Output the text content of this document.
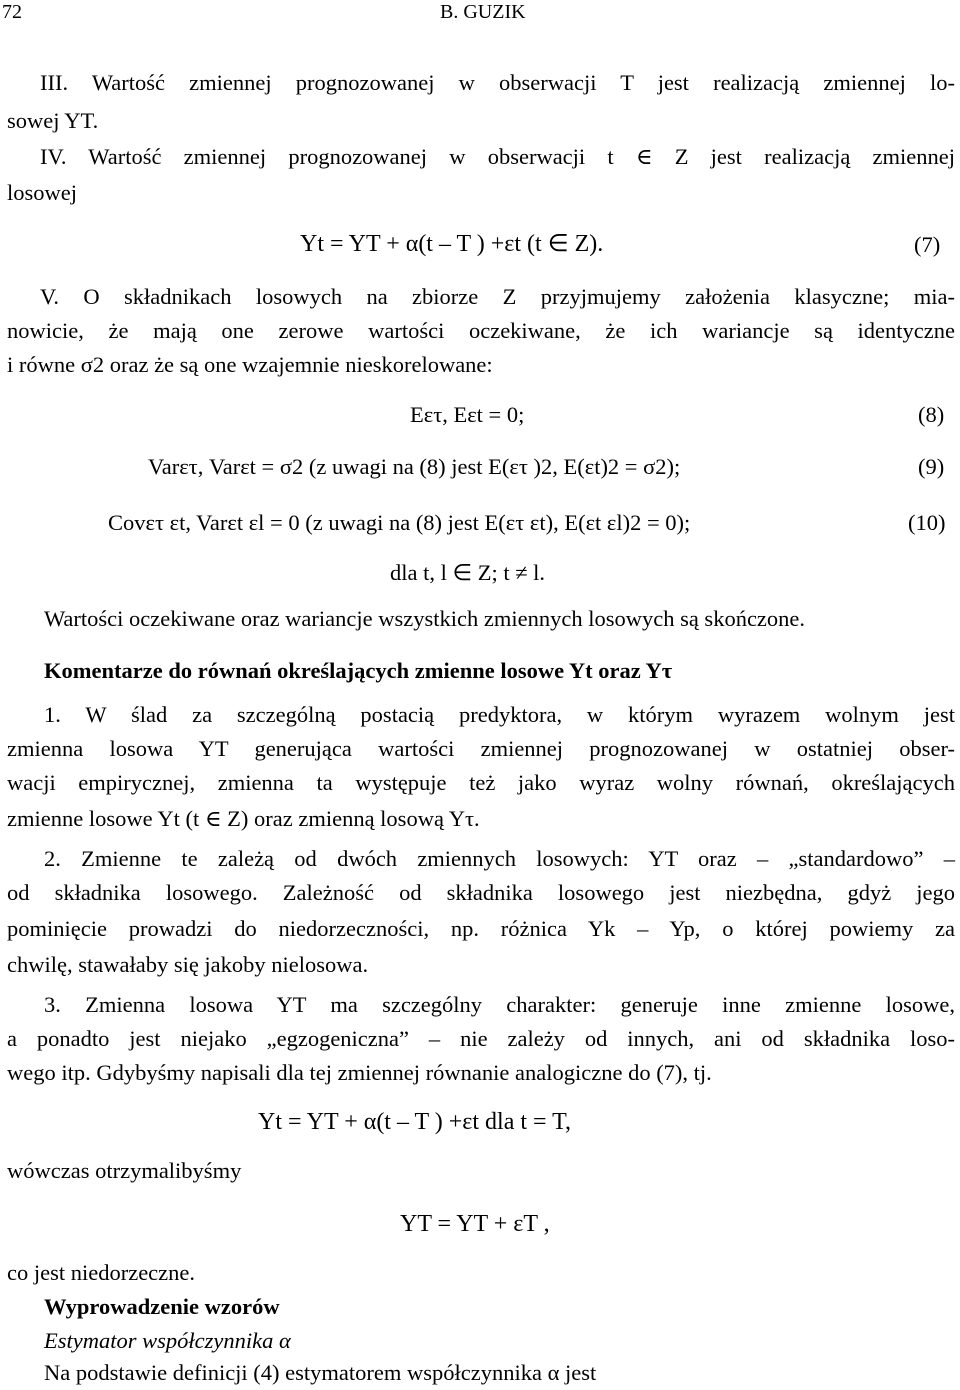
72	B. GUZIK
III. Wartość zmiennej prognozowanej w obserwacji T jest realizacją zmiennej lo-
sowej YT.
IV. Wartość zmiennej prognozowanej w obserwacji t ∈ Z jest realizacją zmiennej
losowej
Yt = YT + α(t – T ) +εt (t ∈ Z).	(7)
V. O składnikach losowych na zbiorze Z przyjmujemy założenia klasyczne; mia-
nowicie, że mają one zerowe wartości oczekiwane, że ich wariancje są identyczne
i równe σ2 oraz że są one wzajemnie nieskorelowane:
Eετ, Eεt = 0;	(8)
Varετ, Varεt = σ2 (z uwagi na (8) jest E(ετ )2, E(εt)2 = σ2);	(9)
Covετ εt, Varεt εl = 0 (z uwagi na (8) jest E(ετ εt), E(εt εl)2 = 0);	(10)
dla t, l ∈ Z; t ≠ l.
Wartości oczekiwane oraz wariancje wszystkich zmiennych losowych są skończone.
Komentarze do równań określających zmienne losowe Yt oraz Yτ
1. W ślad za szczególną postacią predyktora, w którym wyrazem wolnym jest
zmienna losowa YT generująca wartości zmiennej prognozowanej w ostatniej obser-
wacji empirycznej, zmienna ta występuje też jako wyraz wolny równań, określających
zmienne losowe Yt (t ∈ Z) oraz zmienną losową Yτ.
2. Zmienne te zależą od dwóch zmiennych losowych: YT oraz – „standardowo” –
od składnika losowego. Zależność od składnika losowego jest niezbędna, gdyż jego
pominięcie prowadzi do niedorzeczności, np. różnica Yk – Yp, o której powiemy za
chwilę, stawałaby się jakoby nielosowa.
3. Zmienna losowa YT ma szczególny charakter: generuje inne zmienne losowe,
a ponadto jest niejako „egzogeniczna” – nie zależy od innych, ani od składnika loso-
wego itp. Gdybyśmy napisali dla tej zmiennej równanie analogiczne do (7), tj.
Yt = YT + α(t – T ) +εt dla t = T,
wówczas otrzymalibyśmy
YT = YT + εT ,
co jest niedorzeczne.
Wyprowadzenie wzorów
Estymator współczynnika α
Na podstawie definicji (4) estymatorem współczynnika α jest
